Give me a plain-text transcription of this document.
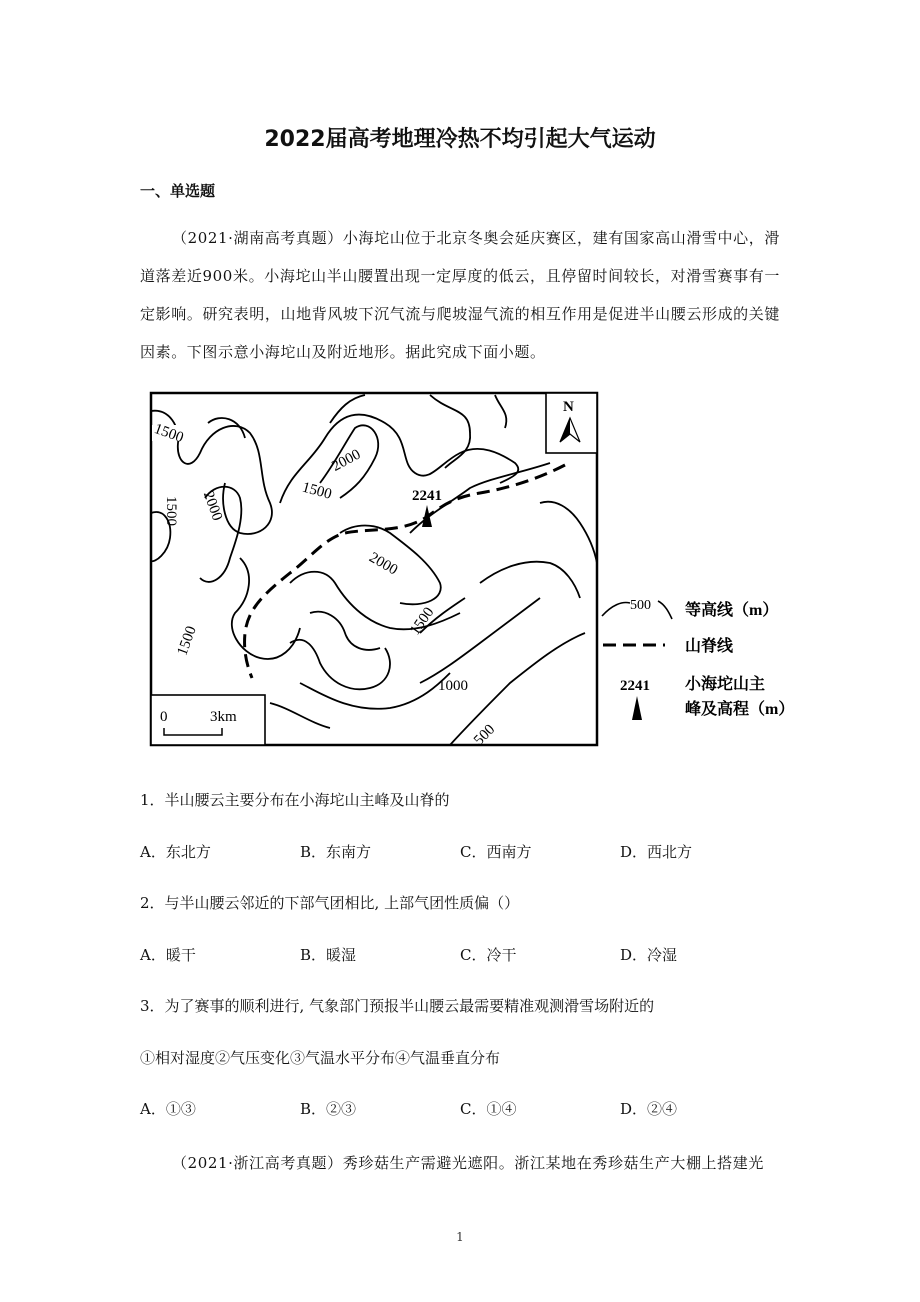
2022届高考地理冷热不均引起大气运动
一、单选题
（2021·湖南高考真题）小海坨山位于北京冬奥会延庆赛区，建有国家高山滑雪中心，滑道落差近900米。小海坨山半山腰置出现一定厚度的低云，且停留时间较长，对滑雪赛事有一定影响。研究表明，山地背风坡下沉气流与爬坡湿气流的相互作用是促进半山腰云形成的关键因素。下图示意小海坨山及附近地形。据此究成下面小题。
1500
2000
1500
1500 2000
2000
1500
1500
1000
500
2241
N
0	3km
500 等高线（m）
山脊线
2241 小海坨山主
峰及高程（m）
1．半山腰云主要分布在小海坨山主峰及山脊的
A．东北方	B．东南方	C．西南方	D．西北方
2．与半山腰云邻近的下部气团相比, 上部气团性质偏（）
A．暖干	B．暖湿	C．冷干	D．冷湿
3．为了赛事的顺利进行, 气象部门预报半山腰云最需要精准观测滑雪场附近的
①相对湿度②气压变化③气温水平分布④气温垂直分布
A．①③	B．②③	C．①④	D．②④
（2021·浙江高考真题）秀珍菇生产需避光遮阳。浙江某地在秀珍菇生产大棚上搭建光
1
